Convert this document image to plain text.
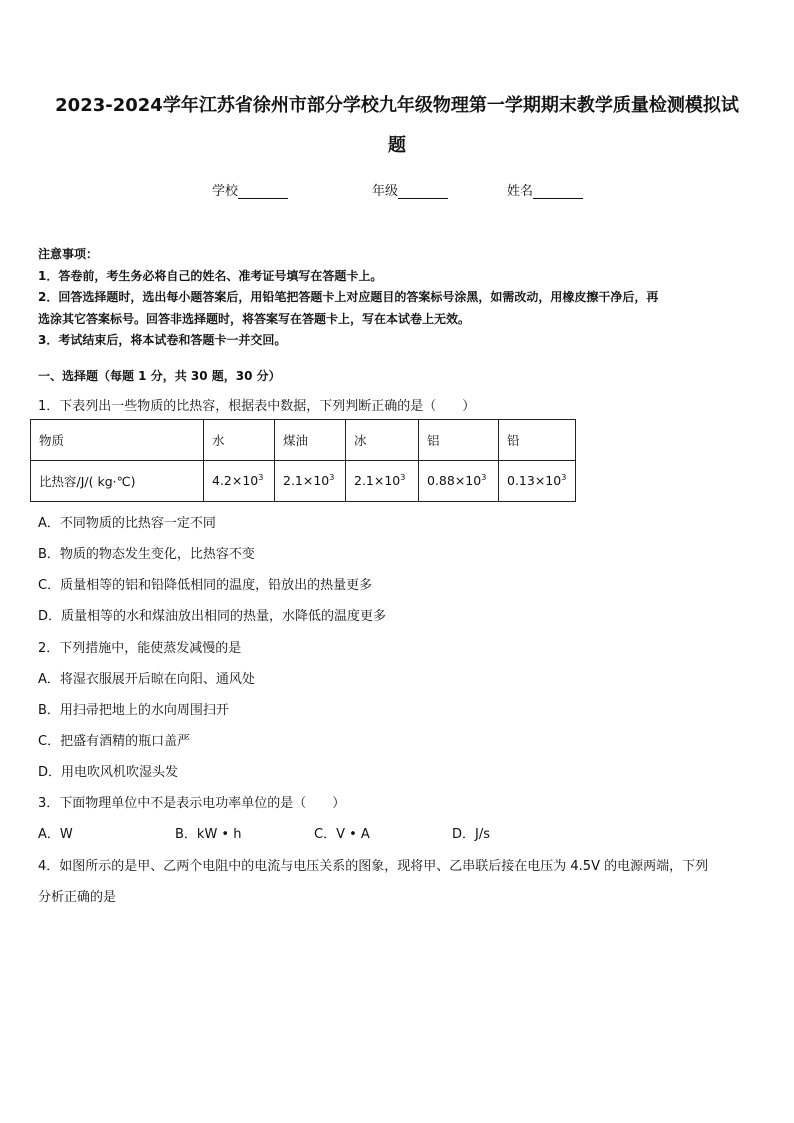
2023-2024学年江苏省徐州市部分学校九年级物理第一学期期末教学质量检测模拟试
题
学校	年级	姓名
注意事项：
1．答卷前，考生务必将自己的姓名、准考证号填写在答题卡上。
2．回答选择题时，选出每小题答案后，用铅笔把答题卡上对应题目的答案标号涂黑，如需改动，用橡皮擦干净后，再
选涂其它答案标号。回答非选择题时，将答案写在答题卡上，写在本试卷上无效。
3．考试结束后，将本试卷和答题卡一并交回。
一、选择题（每题 1 分，共 30 题，30 分）
1．下表列出一些物质的比热容，根据表中数据，下列判断正确的是（　　）
物质	水	煤油	冰	铝	铅
比热容/J/( kg·℃)	$4.2\times 10^3$	$2.1\times 10^3$	$2.1\times 10^3$	$0.88\times 10^3$	$0.13\times 10^3$
A．不同物质的比热容一定不同
B．物质的物态发生变化，比热容不变
C．质量相等的铝和铅降低相同的温度，铅放出的热量更多
D．质量相等的水和煤油放出相同的热量，水降低的温度更多
2．下列措施中，能使蒸发减慢的是
A．将湿衣服展开后晾在向阳、通风处
B．用扫帚把地上的水向周围扫开
C．把盛有酒精的瓶口盖严
D．用电吹风机吹湿头发
3．下面物理单位中不是表示电功率单位的是（　　）
A．W	B．kW • h	C．V • A	D．J/s
4．如图所示的是甲、乙两个电阻中的电流与电压关系的图象，现将甲、乙串联后接在电压为 4.5V 的电源两端，下列
分析正确的是
